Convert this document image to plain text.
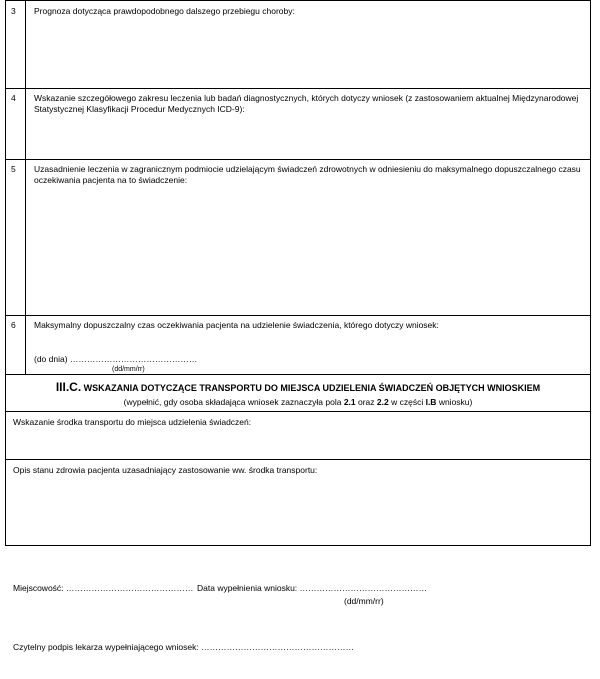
3	Prognoza dotycząca prawdopodobnego dalszego przebiegu choroby:
4	Wskazanie szczegółowego zakresu leczenia lub badań diagnostycznych, których dotyczy wniosek (z zastosowaniem aktualnej Międzynarodowej Statystycznej Klasyfikacji Procedur Medycznych ICD-9):
5	Uzasadnienie leczenia w zagranicznym podmiocie udzielającym świadczeń zdrowotnych w odniesieniu do maksymalnego dopuszczalnego czasu oczekiwania pacjenta na to świadczenie:
6	Maksymalny dopuszczalny czas oczekiwania pacjenta na udzielenie świadczenia, którego dotyczy wniosek:
(do dnia) ………………………………………
(dd/mm/rr)
III.C. WSKAZANIA DOTYCZĄCE TRANSPORTU DO MIEJSCA UDZIELENIA ŚWIADCZEŃ OBJĘTYCH WNIOSKIEM
(wypełnić, gdy osoba składająca wniosek zaznaczyła pola 2.1 oraz 2.2 w części I.B wniosku)
Wskazanie środka transportu do miejsca udzielenia świadczeń:
Opis stanu zdrowia pacjenta uzasadniający zastosowanie ww. środka transportu:
Miejscowość: ……………………………………… Data wypełnienia wniosku: ………………………………………
(dd/mm/rr)
Czytelny podpis lekarza wypełniającego wniosek: ………………………………………………
